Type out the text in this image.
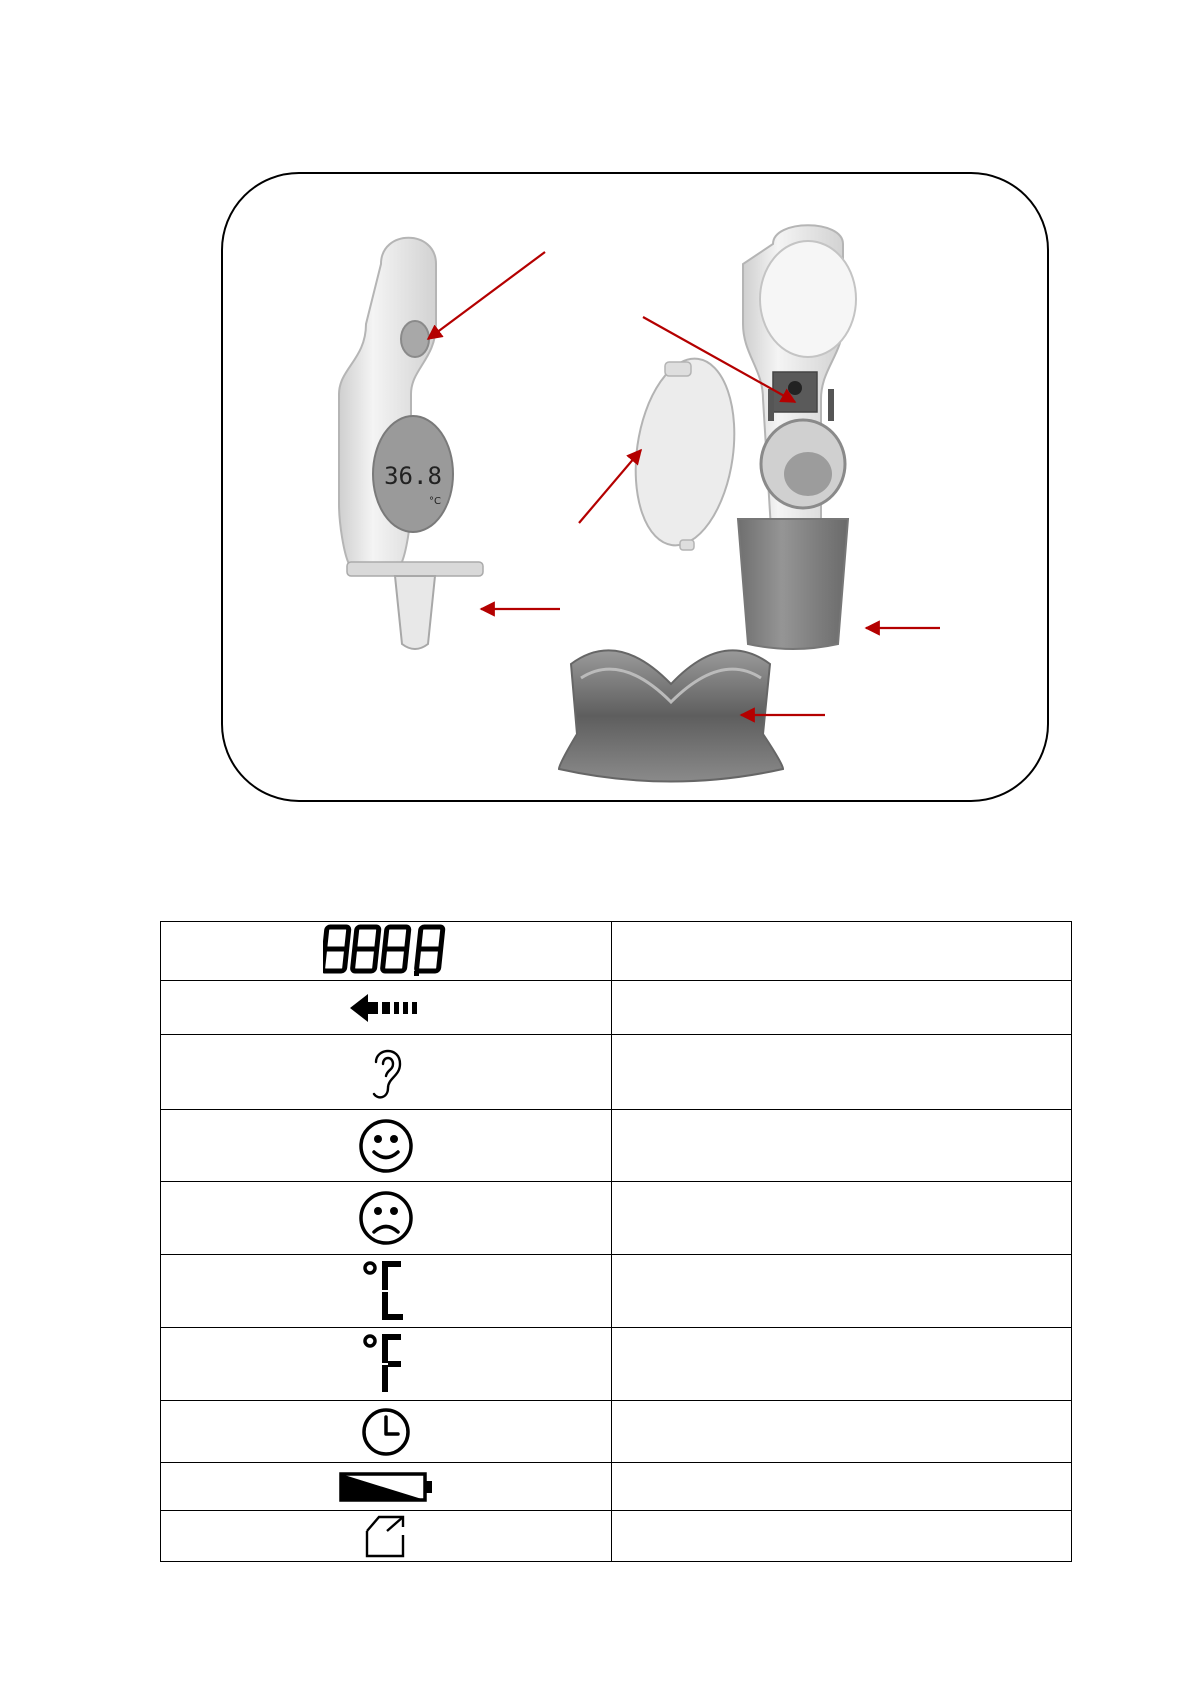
36.8
°C
